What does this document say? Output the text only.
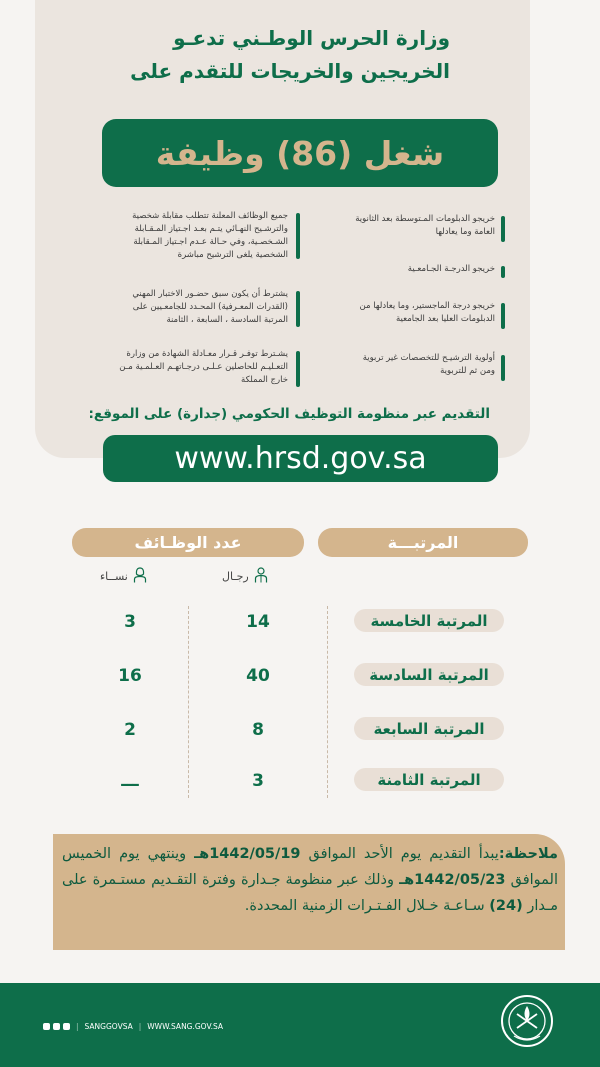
وزارة الحرس الوطـني تدعـو
الخريجين والخريجات للتقدم على
شغل (86) وظيفة
خريجو الدبلومات المـتوسطة بعد الثانوية العامة وما يعادلها
خريجو الدرجـة الجـامعـية
خريجو درجة الماجستير، وما يعادلها من الدبلومات العليا بعد الجامعية
أولوية الترشيـح للتخصصات غير تربوية ومن ثم للتربوية
جميع الوظائف المعلنة تتطلب مقابلة شخصية والترشـيح النهـائي يتـم بعـد اجـتياز المـقـابلة الشـخصـية، وفي حـالة عـدم اجـتياز المـقابلة الشخصية يلغى الترشيح مباشرة
يشترط أن يكون سبق حضـور الاختبار المهني (القدرات المعـرفية) المحـدد للجامعـيين على المرتبة السادسة ، السابعة ، الثامنة
يشـترط توفـر قـرار معـادلة الشهادة من وزارة التعـليـم للحاصلين عـلـى درجـاتهـم العـلمـية مـن خارج المملكة
التقديم عبر منظومة التوظيف الحكومي (جدارة) على الموقع:
www.hrsd.gov.sa
المرتبـــة
عدد الوظـائف
رجـال
نســاء
المرتبة الخامسة
14
3
المرتبة السادسة
40
16
المرتبة السابعة
8
2
المرتبة الثامنة
3
ـــ
ملاحظة:يبدأ التقديم يوم الأحد الموافق 1442/05/19هـ وينتهي يوم الخميس الموافق 1442/05/23هـ وذلك عبر منظومة جـدارة وفترة التقـديم مستـمرة على مـدار (24) سـاعـة خـلال الفـتـرات الزمنية المحددة.
| SANGGOVSA | WWW.SANG.GOV.SA
